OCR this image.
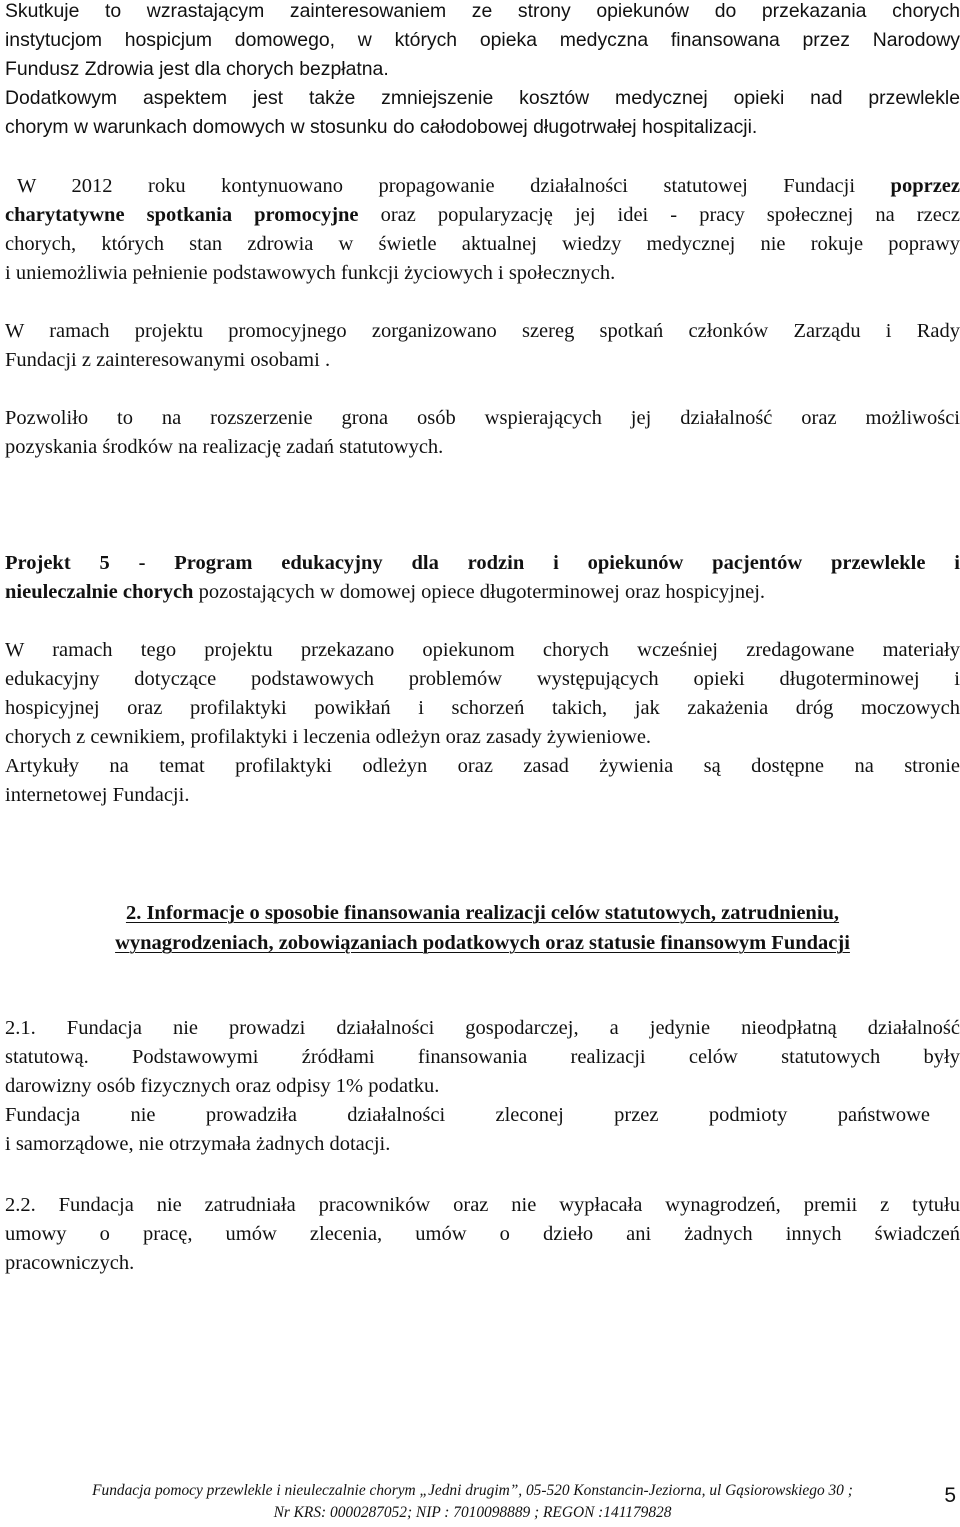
Skutkuje to wzrastającym zainteresowaniem ze strony opiekunów do przekazania chorych
instytucjom hospicjum domowego, w których opieka medyczna finansowana przez Narodowy
Fundusz Zdrowia jest dla chorych bezpłatna.
Dodatkowym aspektem jest także zmniejszenie kosztów medycznej opieki nad przewlekle
chorym w warunkach domowych w stosunku do całodobowej długotrwałej hospitalizacji.
W 2012 roku kontynuowano propagowanie działalności statutowej Fundacji poprzez
charytatywne spotkania promocyjne oraz popularyzację jej idei - pracy społecznej na rzecz
chorych, których stan zdrowia w świetle aktualnej wiedzy medycznej nie rokuje poprawy
i uniemożliwia pełnienie podstawowych funkcji życiowych i społecznych.
W ramach projektu promocyjnego zorganizowano szereg spotkań członków Zarządu i Rady
Fundacji z zainteresowanymi osobami .
Pozwoliło to na rozszerzenie grona osób wspierających jej działalność oraz możliwości
pozyskania środków na realizację zadań statutowych.
Projekt 5 - Program edukacyjny dla rodzin i opiekunów pacjentów przewlekle i
nieuleczalnie chorych pozostających w domowej opiece długoterminowej oraz hospicyjnej.
W ramach tego projektu przekazano opiekunom chorych wcześniej zredagowane materiały
edukacyjny dotyczące podstawowych problemów występujących opieki długoterminowej i
hospicyjnej oraz profilaktyki powikłań i schorzeń takich, jak zakażenia dróg moczowych
chorych z cewnikiem, profilaktyki i leczenia odleżyn oraz zasady żywieniowe.
Artykuły na temat profilaktyki odleżyn oraz zasad żywienia są dostępne na stronie
internetowej Fundacji.
2. Informacje o sposobie finansowania realizacji celów statutowych, zatrudnieniu,
wynagrodzeniach, zobowiązaniach podatkowych oraz statusie finansowym Fundacji
2.1. Fundacja nie prowadzi działalności gospodarczej, a jedynie nieodpłatną działalność
statutową. Podstawowymi źródłami finansowania realizacji celów statutowych były
darowizny osób fizycznych oraz odpisy 1% podatku.
Fundacja nie prowadziła działalności zleconej przez podmioty państwowe
i samorządowe, nie otrzymała żadnych dotacji.
2.2. Fundacja nie zatrudniała pracowników oraz nie wypłacała wynagrodzeń, premii z tytułu
umowy o pracę, umów zlecenia, umów o dzieło ani żadnych innych świadczeń
pracowniczych.
Fundacja pomocy przewlekle i nieuleczalnie chorym „Jedni drugim”, 05-520 Konstancin-Jeziorna, ul Gąsiorowskiego 30 ;
Nr KRS: 0000287052; NIP : 7010098889 ; REGON :141179828
5
